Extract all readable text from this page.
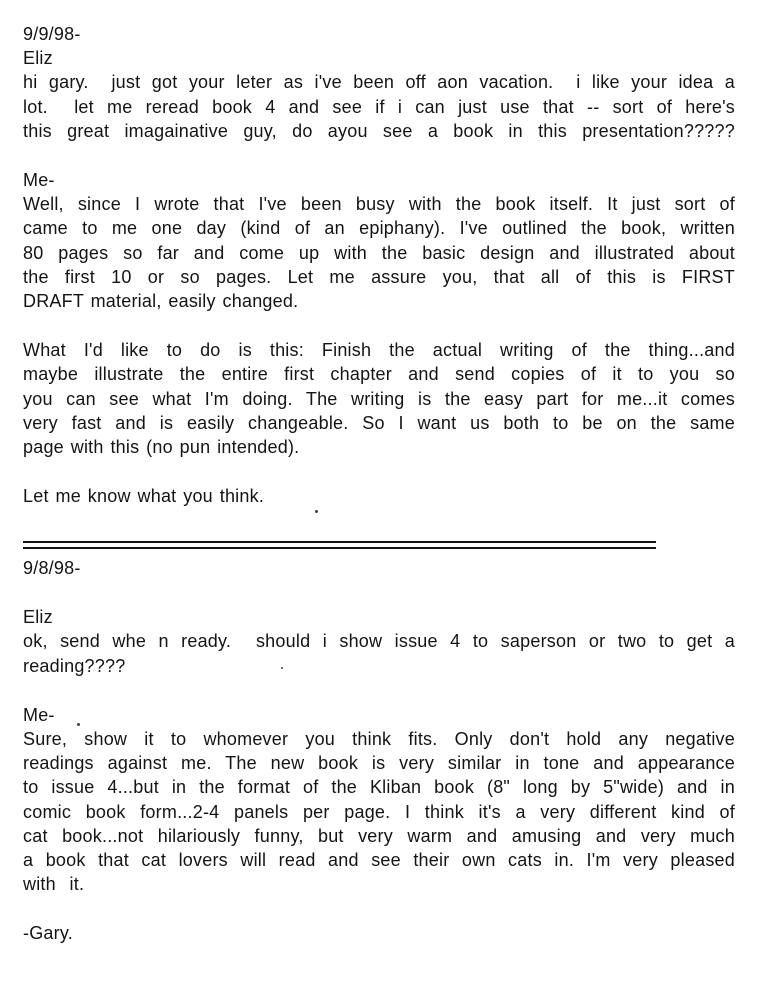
9/9/98-
Eliz
hi gary.  just got your leter as i've been off aon vacation.  i like your idea a
lot.  let me reread book 4 and see if i can just use that -- sort of here's
this great imagainative guy, do ayou see a book in this presentation?????
Me-
Well, since I wrote that I've been busy with the book itself. It just sort of
came to me one day (kind of an epiphany). I've outlined the book, written
80 pages so far and come up with the basic design and illustrated about
the first 10 or so pages. Let me assure you, that all of this is FIRST
DRAFT material, easily changed.
What I'd like to do is this: Finish the actual writing of the thing...and
maybe illustrate the entire first chapter and send copies of it to you so
you can see what I'm doing. The writing is the easy part for me...it comes
very fast and is easily changeable. So I want us both to be on the same
page with this (no pun intended).
Let me know what you think.
9/8/98-
Eliz
ok, send whe n ready.  should i show issue 4 to saperson or two to get a
reading????
Me-
Sure, show it to whomever you think fits. Only don't hold any negative
readings against me. The new book is very similar in tone and appearance
to issue 4...but in the format of the Kliban book (8" long by 5"wide) and in
comic book form...2-4 panels per page. I think it's a very different kind of
cat book...not hilariously funny, but very warm and amusing and very much
a book that cat lovers will read and see their own cats in. I'm very pleased
with  it.
-Gary.
